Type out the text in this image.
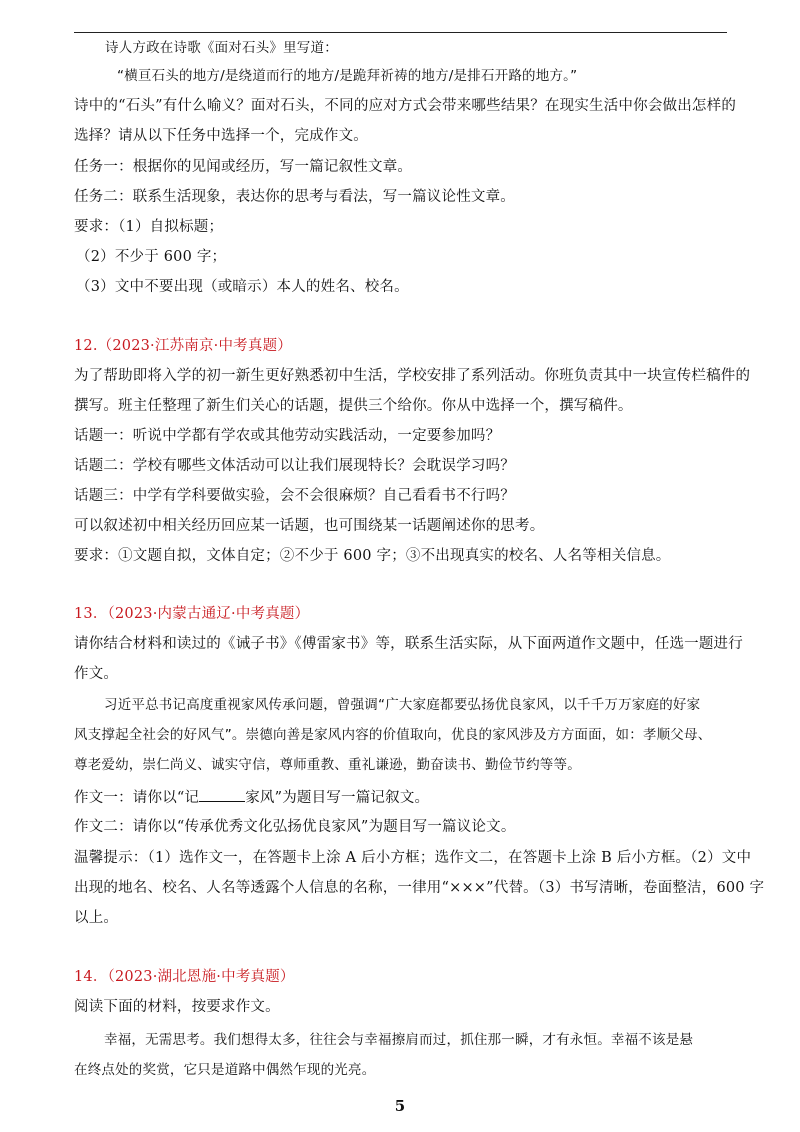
诗人方政在诗歌《面对石头》里写道：
“横亘石头的地方/是绕道而行的地方/是跪拜祈祷的地方/是排石开路的地方。”
诗中的“石头”有什么喻义？面对石头，不同的应对方式会带来哪些结果？在现实生活中你会做出怎样的
选择？请从以下任务中选择一个，完成作文。
任务一：根据你的见闻或经历，写一篇记叙性文章。
任务二：联系生活现象，表达你的思考与看法，写一篇议论性文章。
要求：（1）自拟标题；
（2）不少于 600 字；
（3）文中不要出现（或暗示）本人的姓名、校名。
12.（2023·江苏南京·中考真题）
为了帮助即将入学的初一新生更好熟悉初中生活，学校安排了系列活动。你班负责其中一块宣传栏稿件的
撰写。班主任整理了新生们关心的话题，提供三个给你。你从中选择一个，撰写稿件。
话题一：听说中学都有学农或其他劳动实践活动，一定要参加吗？
话题二：学校有哪些文体活动可以让我们展现特长？会耽误学习吗？
话题三：中学有学科要做实验，会不会很麻烦？自己看看书不行吗？
可以叙述初中相关经历回应某一话题，也可围绕某一话题阐述你的思考。
要求：①文题自拟，文体自定；②不少于 600 字；③不出现真实的校名、人名等相关信息。
13．（2023·内蒙古通辽·中考真题）
请你结合材料和读过的《诫子书》《傅雷家书》等，联系生活实际，从下面两道作文题中，任选一题进行
作文。
习近平总书记高度重视家风传承问题，曾强调“广大家庭都要弘扬优良家风，以千千万万家庭的好家
风支撑起全社会的好风气”。崇德向善是家风内容的价值取向，优良的家风涉及方方面面，如：孝顺父母、
尊老爱幼，崇仁尚义、诚实守信，尊师重教、重礼谦逊，勤奋读书、勤俭节约等等。
作文一：请你以“记	家风”为题目写一篇记叙文。
作文二：请你以“传承优秀文化弘扬优良家风”为题目写一篇议论文。
温馨提示：（1）选作文一，在答题卡上涂 A 后小方框；选作文二，在答题卡上涂 B 后小方框。（2）文中
出现的地名、校名、人名等透露个人信息的名称，一律用“×××”代替。（3）书写清晰，卷面整洁，600 字
以上。
14．（2023·湖北恩施·中考真题）
阅读下面的材料，按要求作文。
幸福，无需思考。我们想得太多，往往会与幸福擦肩而过，抓住那一瞬，才有永恒。幸福不该是悬
在终点处的奖赏，它只是道路中偶然乍现的光亮。
5
